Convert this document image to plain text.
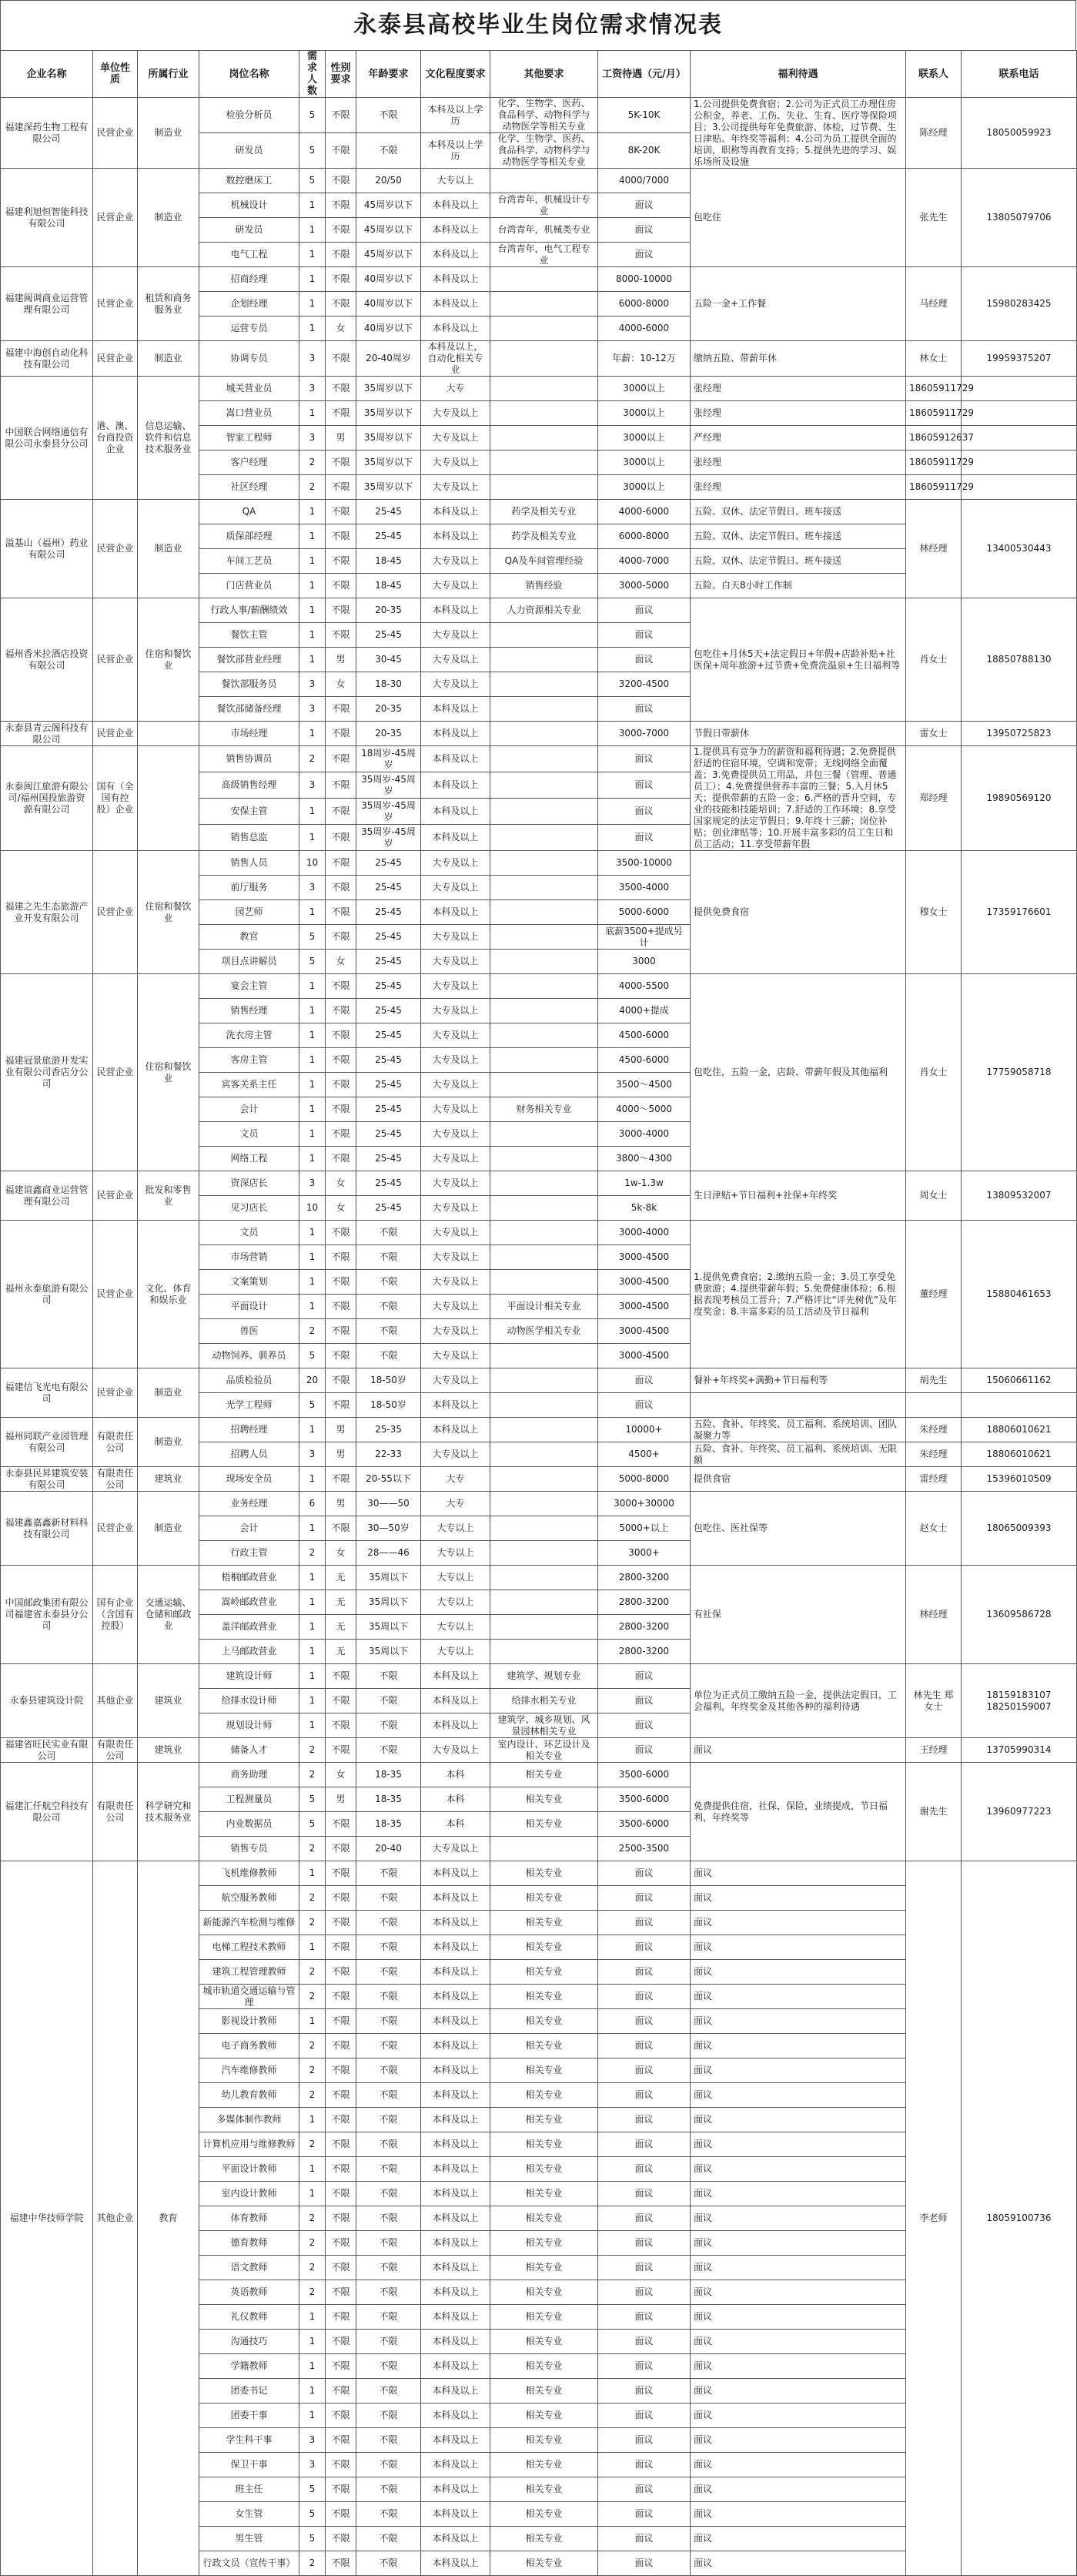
永泰县高校毕业生岗位需求情况表
企业名称	单位性质	所属行业	岗位名称	需求人数	性别要求	年龄要求	文化程度要求	其他要求	工资待遇（元/月）	福利待遇	联系人	联系电话
福建深药生物工程有限公司	民营企业	制造业	检验分析员	5	不限	不限	本科及以上学历	化学、生物学、医药、食品科学、动物科学与动物医学等相关专业	5K-10K	1.公司提供免费食宿；2.公司为正式员工办理住房公积金，养老、工伤、失业、生育、医疗等保险项目；3.公司提供每年免费旅游、体检，过节费、生日津贴、年终奖等福利；4.公司为员工提供全面的培训，职称等再教育支持；5.提供先进的学习、娱乐场所及设施	陈经理	18050059923
			研发员	5	不限	不限	本科及以上学历	化学、生物学、医药、食品科学、动物科学与动物医学等相关专业	8K-20K			
福建利旭恒智能科技有限公司	民营企业	制造业	数控磨床工	5	不限	20/50	大专以上		4000/7000	包吃住	张先生	13805079706
			机械设计	1	不限	45周岁以下	本科及以上	台湾青年，机械设计专业	面议			
			研发员	1	不限	45周岁以下	本科及以上	台湾青年，机械类专业	面议			
			电气工程	1	不限	45周岁以下	本科及以上	台湾青年，电气工程专业	面议			
福建闽调商业运营管理有限公司	民营企业	租赁和商务服务业	招商经理	1	不限	40周岁以下	本科及以上		8000-10000	五险一金+工作餐	马经理	15980283425
			企划经理	1	不限	40周岁以下	本科及以上		6000-8000			
			运营专员	1	女	40周岁以下	本科及以上		4000-6000			
福建中海创自动化科技有限公司	民营企业	制造业	协调专员	3	不限	20-40周岁	本科及以上，自动化相关专业		年薪：10-12万	缴纳五险、带薪年休	林女士	19959375207
中国联合网络通信有限公司永泰县分公司	港、澳、台商投资企业	信息运输、软件和信息技术服务业	城关营业员	3	不限	35周岁以下	大专		3000以上	张经理	18605911729	
			嵩口营业员	1	不限	35周岁以下	大专及以上		3000以上	张经理	18605911729	
			智家工程师	3	男	35周岁以下	大专及以上		3000以上	严经理	18605912637	
			客户经理	2	不限	35周岁以下	大专及以上		3000以上	张经理	18605911729	
			社区经理	2	不限	35周岁以下	大专及以上		3000以上	张经理	18605911729	
溢基山（福州）药业有限公司	民营企业	制造业	QA	1	不限	25-45	本科及以上	药学及相关专业	4000-6000	五险、双休、法定节假日、班车接送	林经理	13400530443
			质保部经理	1	不限	25-45	本科及以上	药学及相关专业	6000-8000	五险、双休、法定节假日、班车接送		
			车间工艺员	1	不限	18-45	大专及以上	QA及车间管理经验	4000-7000	五险、双休、法定节假日、班车接送		
			门店营业员	1	不限	18-45	大专及以上	销售经验	3000-5000	五险、白天8小时工作制		
福州香米拉酒店投资有限公司	民营企业	住宿和餐饮业	行政人事/薪酬绩效	1	不限	20-35	本科及以上	人力资源相关专业	面议	包吃住+月休5天+法定假日+年假+店龄补贴+社医保+周年旅游+过节费+免费洗温泉+生日福利等	肖女士	18850788130
			餐饮主管	1	不限	25-45	大专及以上		面议			
			餐饮部营业经理	1	男	30-45	大专及以上		面议			
			餐饮部服务员	3	女	18-30	大专及以上		3200-4500			
			餐饮部储备经理	3	不限	20-35	本科及以上		面议			
永泰县青云阁科技有限公司	民营企业		市场经理	1	不限	20-35	本科及以上		3000-7000	节假日带薪休	雷女士	13950725823
永泰闽江旅游有限公司/福州国投旅游资源有限公司	国有（全国有控股）企业		销售协调员	2	不限	18周岁-45周岁	本科及以上		面议	1.提供具有竞争力的薪资和福利待遇；2.免费提供舒适的住宿环境，空调和宽带；无线网络全面覆盖；3.免费提供员工用品，并包三餐（管理、普通员工）；4.免费提供营养丰富的三餐；5.入月休5天；提供带薪的五险一金；6.严格的晋升空间，专业的技能和技能培训；7.舒适的工作环境；8.享受国家规定的法定节假日；9.年终十三薪；岗位补贴；创业津贴等；10.开展丰富多彩的员工生日和员工活动；11.享受带薪年假	郑经理	19890569120
			高级销售经理	3	不限	35周岁-45周岁	本科及以上		面议			
			安保主管	1	不限	35周岁-45周岁	本科及以上		面议			
			销售总监	1	不限	35周岁-45周岁	本科及以上		面议			
福建之先生态旅游产业开发有限公司	民营企业	住宿和餐饮业	销售人员	10	不限	25-45	大专及以上		3500-10000	提供免费食宿	穆女士	17359176601
			前厅服务	3	不限	25-45	大专及以上		3500-4000			
			园艺师	1	不限	25-45	本科及以上		5000-6000			
			教官	5	不限	25-45	大专及以上		底薪3500+提成另计			
			项目点讲解员	5	女	25-45	大专及以上		3000			
福建冠景旅游开发实业有限公司香店分公司	民营企业	住宿和餐饮业	宴会主管	1	不限	25-45	大专及以上		4000-5500	包吃住，五险一金，店龄、带薪年假及其他福利	肖女士	17759058718
			销售经理	1	不限	25-45	大专及以上		4000+提成			
			洗衣房主管	1	不限	25-45	大专及以上		4500-6000			
			客房主管	1	不限	25-45	大专及以上		4500-6000			
			宾客关系主任	1	不限	25-45	大专及以上		3500～4500			
			会计	1	不限	25-45	大专及以上	财务相关专业	4000～5000			
			文员	1	不限	25-45	大专及以上		3000-4000			
			网络工程	1	不限	25-45	大专及以上		3800～4300			
福建谊鑫商业运营管理有限公司	民营企业	批发和零售业	资深店长	3	女	25-45	大专及以上		1w-1.3w	生日津贴+节日福利+社保+年终奖	周女士	13809532007
			见习店长	10	女	25-45	大专及以上		5k-8k			
福州永泰旅游有限公司	民营企业	文化、体育和娱乐业	文员	1	不限	不限	大专及以上		3000-4000	1.提供免费食宿；2.缴纳五险一金；3.员工享受免费旅游；4.提供带薪年假；5.免费健康体检；6.根据表现考核员工晋升；7.严格评比“评先树优”及年度奖金；8.丰富多彩的员工活动及节日福利	董经理	15880461653
			市场营销	1	不限	不限	大专及以上		3000-4500			
			文案策划	1	不限	不限	大专及以上		3000-4500			
			平面设计	1	不限	不限	大专及以上	平面设计相关专业	3000-4500			
			兽医	2	不限	不限	大专及以上	动物医学相关专业	3000-4500			
			动物饲养、驯养员	5	不限	不限	大专及以上		3000-4500			
福建信飞光电有限公司	民营企业	制造业	品质检验员	20	不限	18-50岁	大专及以上		面议	餐补+年终奖+满勤+节日福利等	胡先生	15060661162
			光学工程师	5	不限	18-50岁	本科及以上		面议			
福州同联产业园管理有限公司	有限责任公司	制造业	招聘经理	1	男	25-35	本科及以上		10000+	五险、食补、年终奖、员工福利、系统培训、团队凝聚力等	朱经理	18806010621
			招聘人员	3	男	22-33	大专及以上		4500+	五险、食补、年终奖、员工福利、系统培训、无限额	朱经理	18806010621
永泰县民昇建筑安装有限公司	有限责任公司	建筑业	现场安全员	1	不限	20-55以下	大专		5000-8000	提供食宿	雷经理	15396010509
福建鑫嘉鑫新材料科技有限公司	民营企业	制造业	业务经理	6	男	30——50	大专		3000+30000	包吃住、医社保等	赵女士	18065009393
			会计	1	不限	30—50岁	大专以上		5000+以上			
			行政主管	2	女	28——46	大专以上		3000+			
中国邮政集团有限公司福建省永泰县分公司	国有企业（含国有控股）	交通运输、仓储和邮政业	梧桐邮政营业	1	无	35周以下	大专以上		2800-3200	有社保	林经理	13609586728
			嵩岭邮政营业	1	无	35周以下	大专以上		2800-3200			
			盖洋邮政营业	1	无	35周以下	大专以上		2800-3200			
			上马邮政营业	1	无	35周以下	大专以上		2800-3200			
永泰县建筑设计院	其他企业	建筑业	建筑设计师	1	不限	不限	本科及以上	建筑学、规划专业	面议	单位为正式员工缴纳五险一金，提供法定假日，工会福利，年终奖金及其他各种的福利待遇	林先生 郑女士	18159183107 18250159007
			给排水设计师	1	不限	不限	本科及以上	给排水相关专业	面议			
			规划设计师	1	不限	不限	本科及以上	建筑学、城乡规划、风景园林相关专业	面议			
福建省旺民实业有限公司	有限责任公司	建筑业	储备人才	2	不限	不限	大专及以上	室内设计、环艺设计及相关专业	面议	面议	王经理	13705990314
福建汇仟航空科技有限公司	有限责任公司	科学研究和技术服务业	商务助理	2	女	18-35	本科	相关专业	3500-6000	免费提供住宿，社保，保险，业绩提成，节日福利，年终奖等	谢先生	13960977223
			工程测量员	5	男	18-35	本科	相关专业	3500-6000			
			内业数据员	5	不限	18-35	本科	相关专业	3500-6000			
			销售专员	2	不限	20-40	大专及以上		2500-3500			
福建中华技师学院	其他企业	教育	飞机维修教师	1	不限	不限	本科及以上	相关专业	面议	面议	李老师	18059100736
			航空服务教师	2	不限	不限	本科及以上	相关专业	面议	面议		
			新能源汽车检测与维修	2	不限	不限	本科及以上	相关专业	面议	面议		
			电梯工程技术教师	1	不限	不限	本科及以上	相关专业	面议	面议		
			建筑工程管理教师	2	不限	不限	本科及以上	相关专业	面议	面议		
			城市轨道交通运输与管理	2	不限	不限	本科及以上	相关专业	面议	面议		
			影视设计教师	1	不限	不限	本科及以上	相关专业	面议	面议		
			电子商务教师	2	不限	不限	本科及以上	相关专业	面议	面议		
			汽车维修教师	2	不限	不限	本科及以上	相关专业	面议	面议		
			幼儿教育教师	2	不限	不限	本科及以上	相关专业	面议	面议		
			多媒体制作教师	1	不限	不限	本科及以上	相关专业	面议	面议		
			计算机应用与维修教师	2	不限	不限	本科及以上	相关专业	面议	面议		
			平面设计教师	1	不限	不限	本科及以上	相关专业	面议	面议		
			室内设计教师	1	不限	不限	本科及以上	相关专业	面议	面议		
			体育教师	2	不限	不限	本科及以上	相关专业	面议	面议		
			德育教师	2	不限	不限	本科及以上	相关专业	面议	面议		
			语文教师	2	不限	不限	本科及以上	相关专业	面议	面议		
			英语教师	2	不限	不限	本科及以上	相关专业	面议	面议		
			礼仪教师	1	不限	不限	本科及以上	相关专业	面议	面议		
			沟通技巧	1	不限	不限	本科及以上	相关专业	面议	面议		
			学籍教师	1	不限	不限	本科及以上	相关专业	面议	面议		
			团委书记	1	不限	不限	本科及以上	相关专业	面议	面议		
			团委干事	1	不限	不限	本科及以上	相关专业	面议	面议		
			学生科干事	3	不限	不限	本科及以上	相关专业	面议	面议		
			保卫干事	3	不限	不限	本科及以上	相关专业	面议	面议		
			班主任	5	不限	不限	本科及以上	相关专业	面议	面议		
			女生管	5	不限	不限	本科及以上	相关专业	面议	面议		
			男生管	5	不限	不限	本科及以上	相关专业	面议	面议		
			行政文员（宣传干事）	2	不限	不限	本科及以上	相关专业	面议	面议		
